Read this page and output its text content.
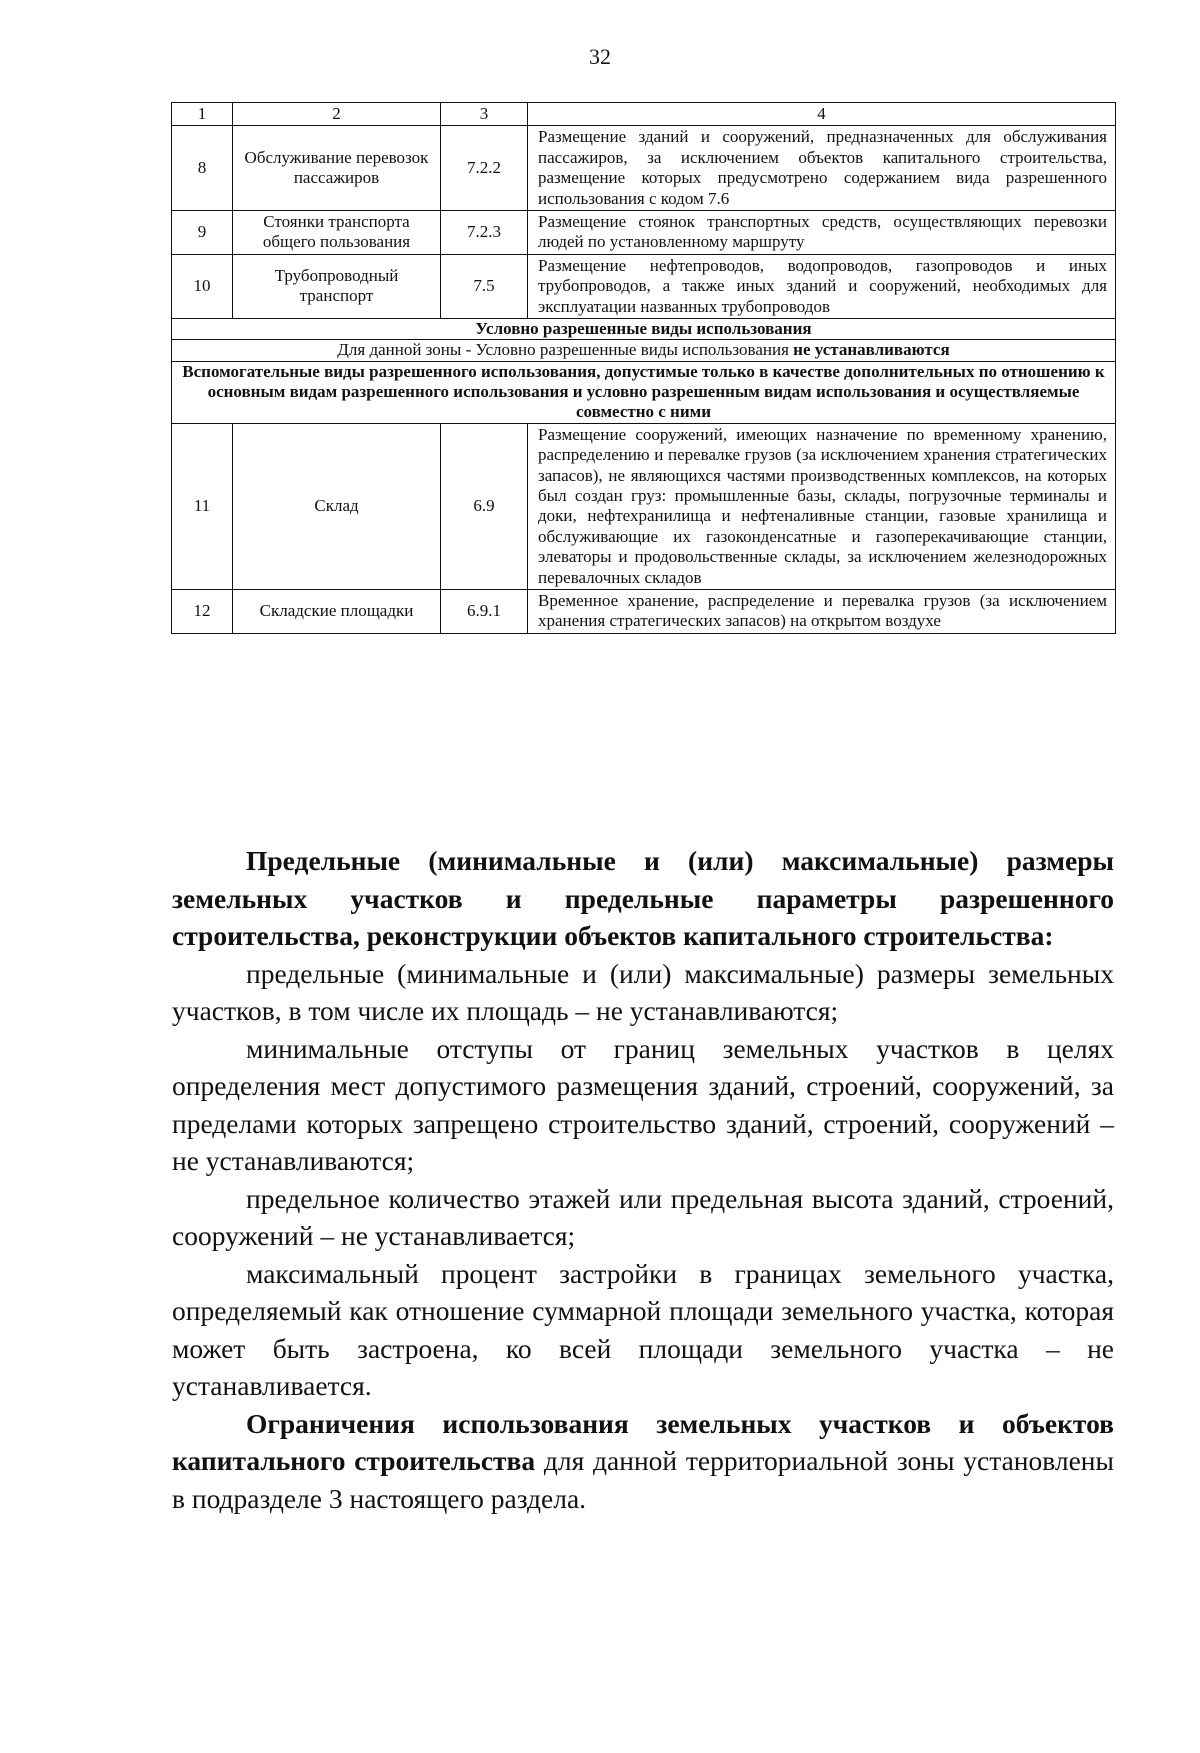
32
1	2	3	4
8	Обслуживание перевозок пассажиров	7.2.2	Размещение зданий и сооружений, предназначенных для обслуживания пассажиров, за исключением объектов капитального строительства, размещение которых предусмотрено содержанием вида разрешенного использования с кодом 7.6
9	Стоянки транспорта общего пользования	7.2.3	Размещение стоянок транспортных средств, осуществляющих перевозки людей по установленному маршруту
10	Трубопроводный транспорт	7.5	Размещение нефтепроводов, водопроводов, газопроводов и иных трубопроводов, а также иных зданий и сооружений, необходимых для эксплуатации названных трубопроводов
Условно разрешенные виды использования			
Для данной зоны - Условно разрешенные виды использования не устанавливаются			
Вспомогательные виды разрешенного использования, допустимые только в качестве дополнительных по отношению к основным видам разрешенного использования и условно разрешенным видам использования и осуществляемые совместно с ними			
11	Склад	6.9	Размещение сооружений, имеющих назначение по временному хранению, распределению и перевалке грузов (за исключением хранения стратегических запасов), не являющихся частями производственных комплексов, на которых был создан груз: промышленные базы, склады, погрузочные терминалы и доки, нефтехранилища и нефтеналивные станции, газовые хранилища и обслуживающие их газоконденсатные и газоперекачивающие станции, элеваторы и продовольственные склады, за исключением железнодорожных перевалочных складов
12	Складские площадки	6.9.1	Временное хранение, распределение и перевалка грузов (за исключением хранения стратегических запасов) на открытом воздухе

Предельные (минимальные и (или) максимальные) размеры земельных участков и предельные параметры разрешенного строительства, реконструкции объектов капитального строительства:

предельные (минимальные и (или) максимальные) размеры земельных участков, в том числе их площадь – не устанавливаются;

минимальные отступы от границ земельных участков в целях определения мест допустимого размещения зданий, строений, сооружений, за пределами которых запрещено строительство зданий, строений, сооружений – не устанавливаются;

предельное количество этажей или предельная высота зданий, строений, сооружений – не устанавливается;

максимальный процент застройки в границах земельного участка, определяемый как отношение суммарной площади земельного участка, которая может быть застроена, ко всей площади земельного участка – не устанавливается.

Ограничения использования земельных участков и объектов капитального строительства для данной территориальной зоны установлены в подразделе 3 настоящего раздела.
